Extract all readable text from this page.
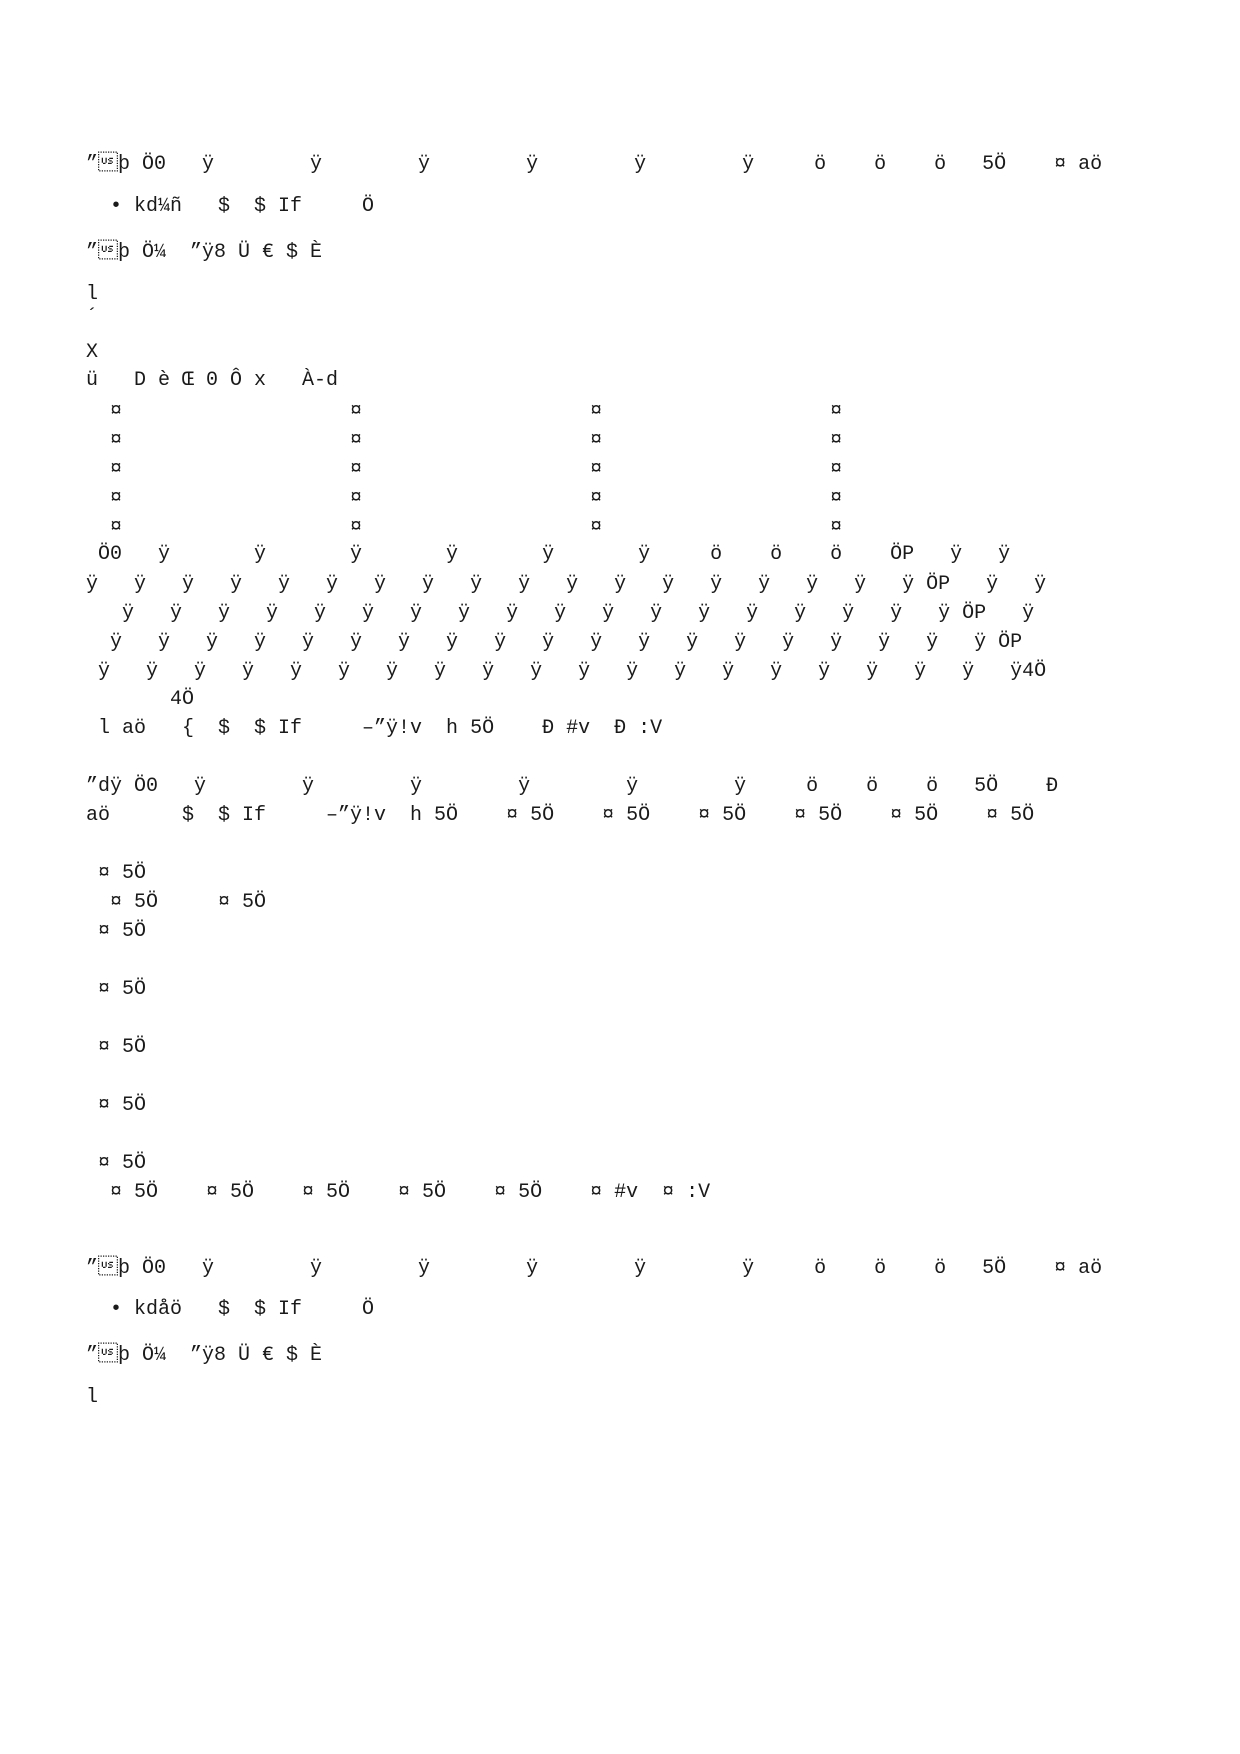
”þ Ö0   ÿ        ÿ        ÿ        ÿ        ÿ        ÿ     ö    ö    ö   5Ö    ¤ aö
• kd¼ñ   $  $ If     Ö
”þ Ö¼  ”ÿ8 Ü € $ È
l
´
X
ü   D è Œ 0 Ô x   À-d
¤                   ¤                   ¤                   ¤
¤                   ¤                   ¤                   ¤
¤                   ¤                   ¤                   ¤
¤                   ¤                   ¤                   ¤
¤                   ¤                   ¤                   ¤
Ö0   ÿ       ÿ       ÿ       ÿ       ÿ       ÿ     ö    ö    ö    ÖP   ÿ   ÿ
ÿ   ÿ   ÿ   ÿ   ÿ   ÿ   ÿ   ÿ   ÿ   ÿ   ÿ   ÿ   ÿ   ÿ   ÿ   ÿ   ÿ   ÿ ÖP   ÿ   ÿ
ÿ   ÿ   ÿ   ÿ   ÿ   ÿ   ÿ   ÿ   ÿ   ÿ   ÿ   ÿ   ÿ   ÿ   ÿ   ÿ   ÿ   ÿ ÖP   ÿ
ÿ   ÿ   ÿ   ÿ   ÿ   ÿ   ÿ   ÿ   ÿ   ÿ   ÿ   ÿ   ÿ   ÿ   ÿ   ÿ   ÿ   ÿ   ÿ ÖP
ÿ   ÿ   ÿ   ÿ   ÿ   ÿ   ÿ   ÿ   ÿ   ÿ   ÿ   ÿ   ÿ   ÿ   ÿ   ÿ   ÿ   ÿ   ÿ   ÿ4Ö
4Ö
l aö   {  $  $ If     –”ÿ!v  h 5Ö    Ð #v  Ð :V
”dÿ Ö0   ÿ        ÿ        ÿ        ÿ        ÿ        ÿ     ö    ö    ö   5Ö    Ð
aö      $  $ If     –”ÿ!v  h 5Ö    ¤ 5Ö    ¤ 5Ö    ¤ 5Ö    ¤ 5Ö    ¤ 5Ö    ¤ 5Ö
¤ 5Ö
¤ 5Ö     ¤ 5Ö
¤ 5Ö
¤ 5Ö
¤ 5Ö
¤ 5Ö
¤ 5Ö
¤ 5Ö    ¤ 5Ö    ¤ 5Ö    ¤ 5Ö    ¤ 5Ö    ¤ #v  ¤ :V
”þ Ö0   ÿ        ÿ        ÿ        ÿ        ÿ        ÿ     ö    ö    ö   5Ö    ¤ aö
• kdåö   $  $ If     Ö
”þ Ö¼  ”ÿ8 Ü € $ È
l
